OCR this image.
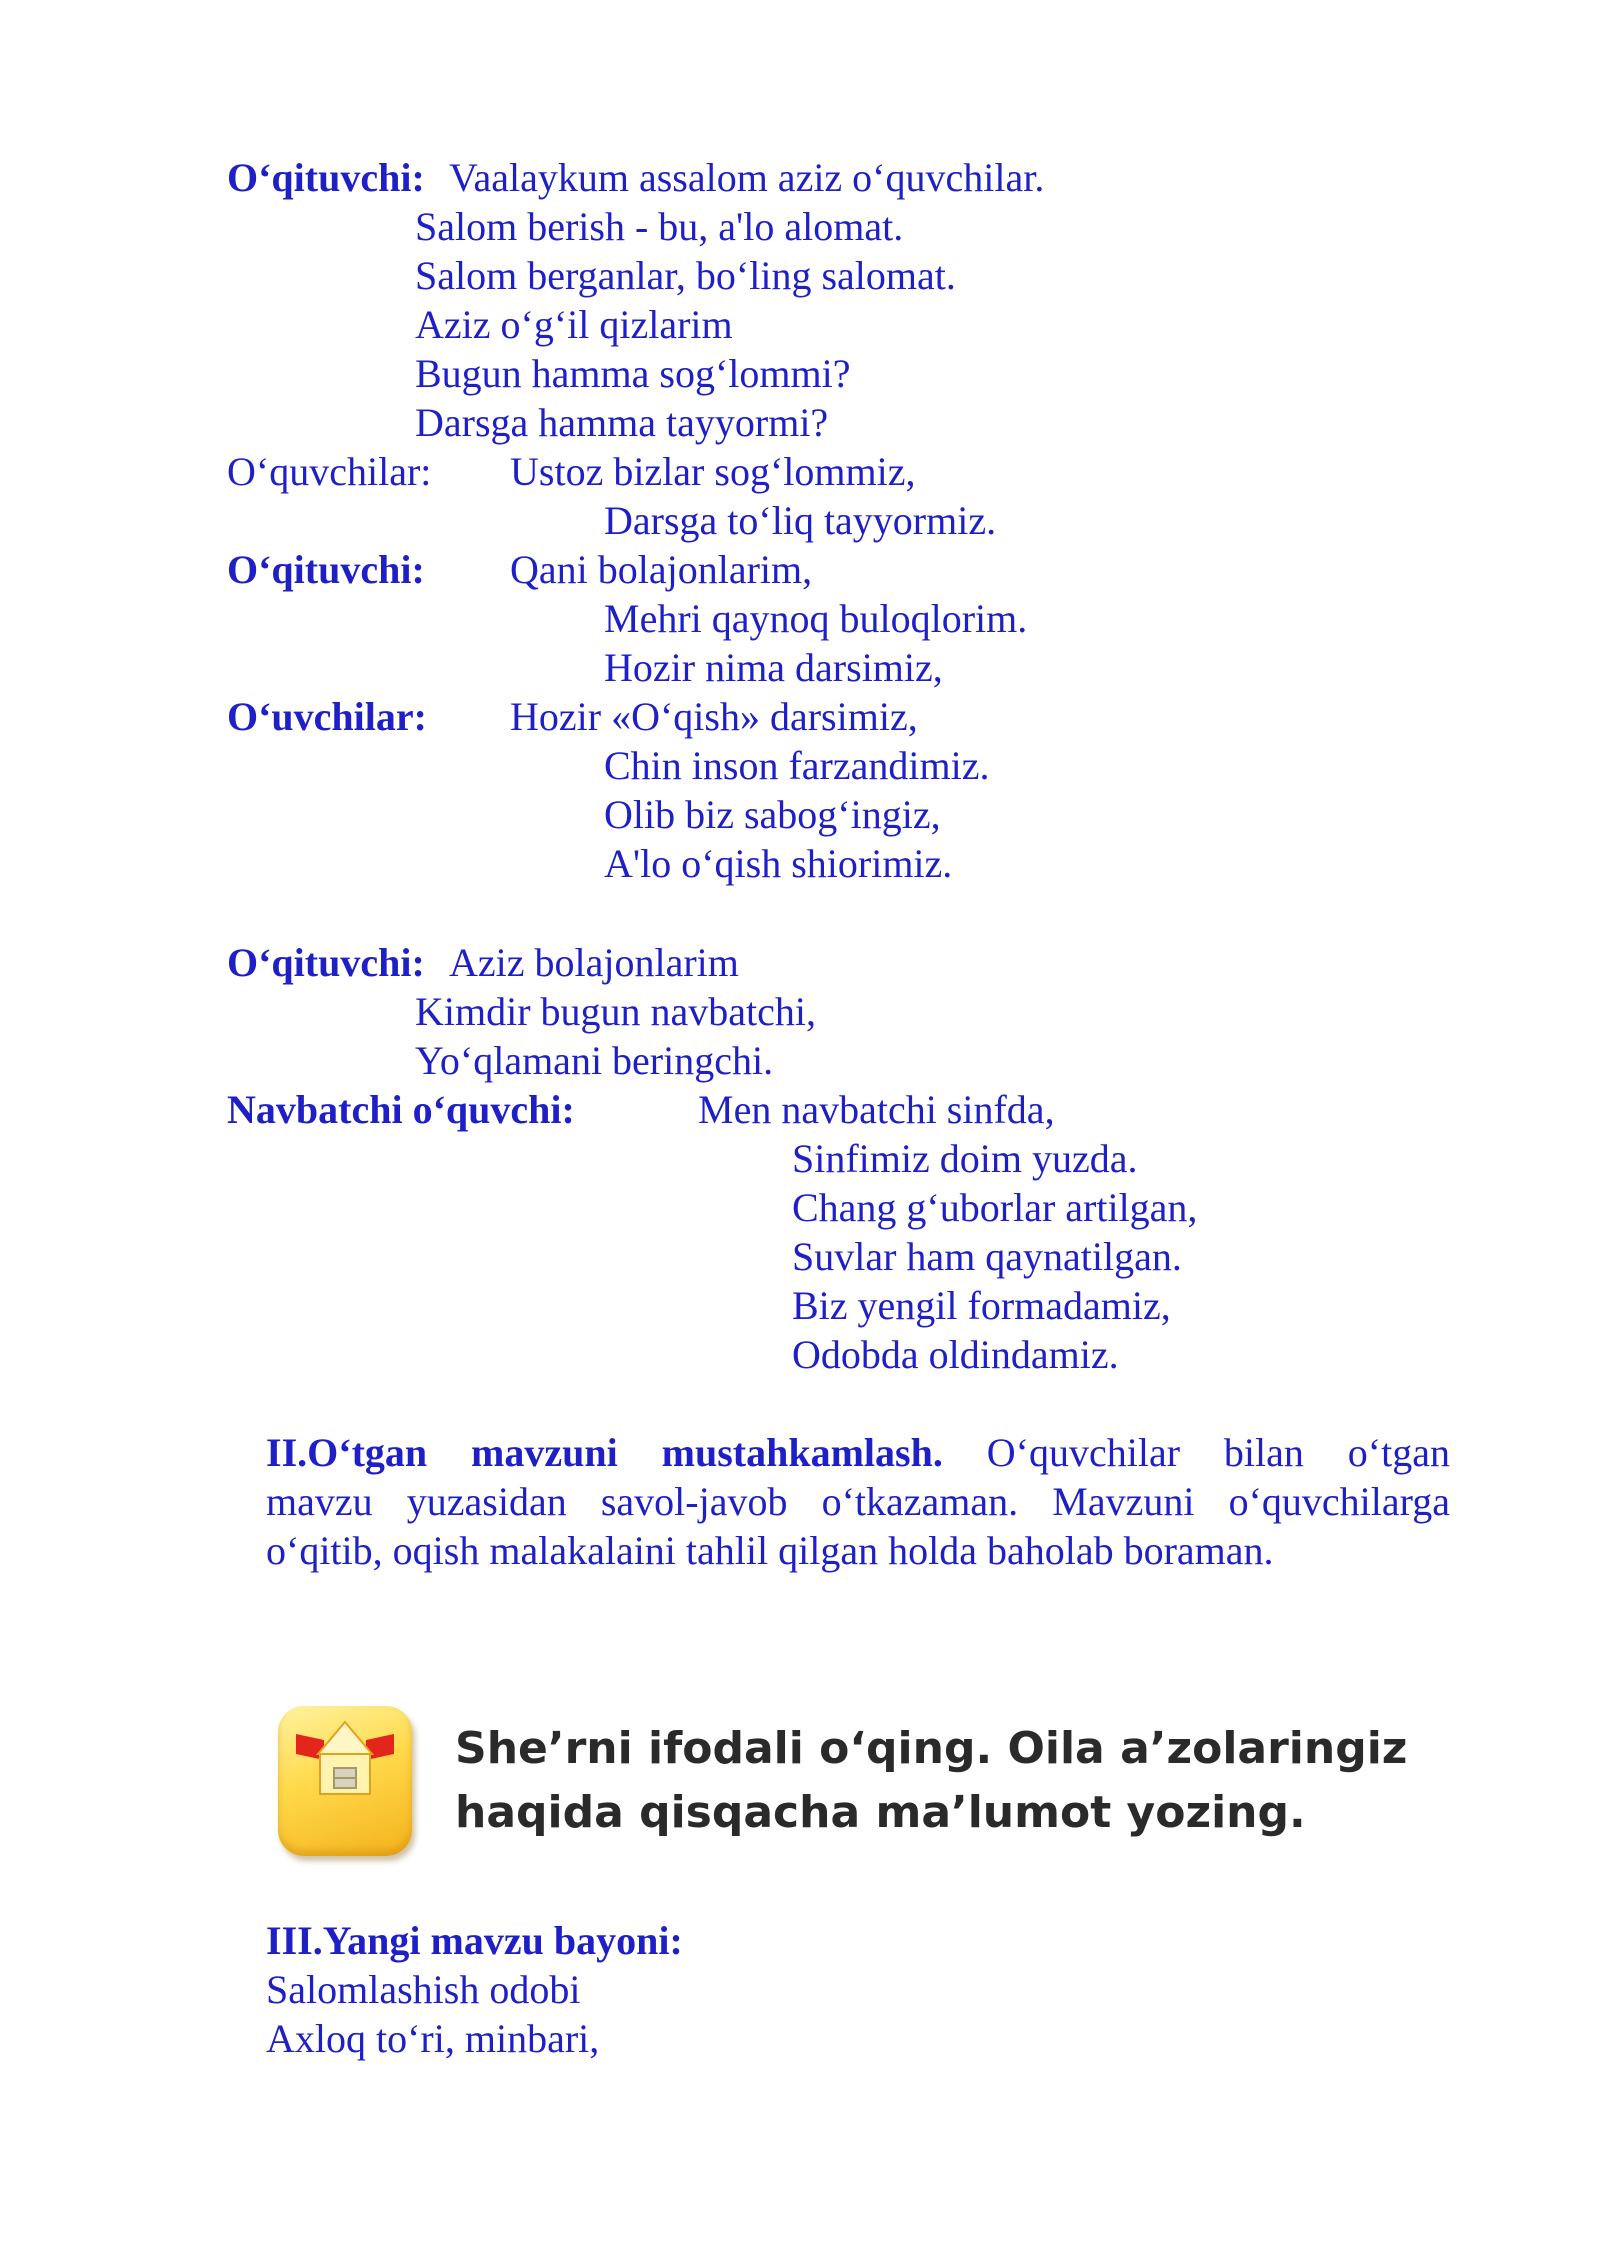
O‘qituvchi: Vaalaykum assalom aziz o‘quvchilar.
Salom berish - bu, a'lo alomat.
Salom berganlar, bo‘ling salomat.
Aziz o‘g‘il qizlarim
Bugun hamma sog‘lommi?
Darsga hamma tayyormi?
O‘quvchilar: Ustoz bizlar sog‘lommiz,
Darsga to‘liq tayyormiz.
O‘qituvchi: Qani bolajonlarim,
Mehri qaynoq buloqlorim.
Hozir nima darsimiz,
O‘uvchilar: Hozir «O‘qish» darsimiz,
Chin inson farzandimiz.
Olib biz sabog‘ingiz,
A'lo o‘qish shiorimiz.
O‘qituvchi: Aziz bolajonlarim
Kimdir bugun navbatchi,
Yo‘qlamani beringchi.
Navbatchi o‘quvchi:	Men navbatchi sinfda,
Sinfimiz doim yuzda.
Chang g‘uborlar artilgan,
Suvlar ham qaynatilgan.
Biz yengil formadamiz,
Odobda oldindamiz.
II.O‘tgan mavzuni mustahkamlash. O‘quvchilar bilan o‘tgan
mavzu yuzasidan savol-javob o‘tkazaman. Mavzuni o‘quvchilarga
o‘qitib, oqish malakalaini tahlil qilgan holda baholab boraman.
She’rni ifodali o‘qing. Oila a’zolaringiz
haqida qisqacha ma’lumot yozing.
III.Yangi mavzu bayoni:
Salomlashish odobi
Axloq to‘ri, minbari,
